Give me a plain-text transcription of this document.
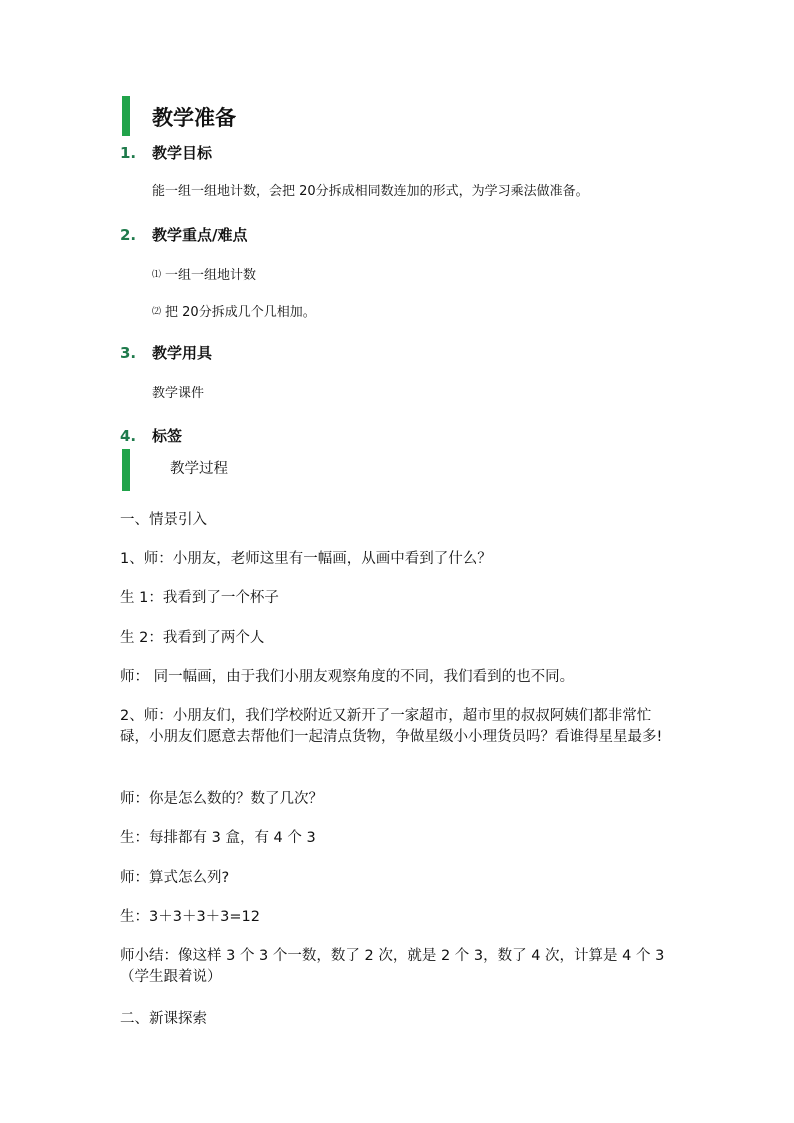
教学准备
1. 教学目标
能一组一组地计数，会把 20分拆成相同数连加的形式，为学习乘法做准备。
2. 教学重点/难点
⑴ 一组一组地计数
⑵ 把 20分拆成几个几相加。
3. 教学用具
教学课件
4. 标签
教学过程
一、情景引入
1、师：小朋友，老师这里有一幅画，从画中看到了什么？
生 1：我看到了一个杯子
生 2：我看到了两个人
师： 同一幅画，由于我们小朋友观察角度的不同，我们看到的也不同。
2、师：小朋友们，我们学校附近又新开了一家超市，超市里的叔叔阿姨们都非常忙碌，小朋友们愿意去帮他们一起清点货物，争做星级小小理货员吗？看谁得星星最多!
师：你是怎么数的？数了几次？
生：每排都有 3 盒，有 4 个 3
师：算式怎么列?
生：3＋3＋3＋3=12
师小结：像这样 3 个 3 个一数，数了 2 次，就是 2 个 3，数了 4 次，计算是 4 个 3（学生跟着说）
二、新课探索
